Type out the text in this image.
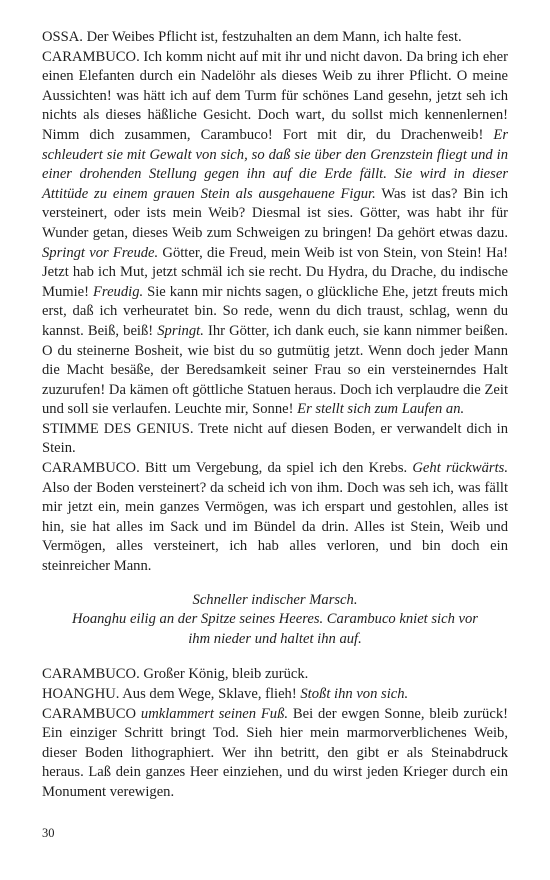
OSSA. Der Weibes Pflicht ist, festzuhalten an dem Mann, ich halte fest.

CARAMBUCO. Ich komm nicht auf mit ihr und nicht davon. Da bring ich eher einen Elefanten durch ein Nadelöhr als dieses Weib zu ihrer Pflicht. O meine Aussichten! was hätt ich auf dem Turm für schönes Land gesehn, jetzt seh ich nichts als dieses häßliche Gesicht. Doch wart, du sollst mich kennenlernen! Nimm dich zusammen, Carambuco! Fort mit dir, du Drachenweib! Er schleudert sie mit Gewalt von sich, so daß sie über den Grenzstein fliegt und in einer drohenden Stellung gegen ihn auf die Erde fällt. Sie wird in dieser Attitüde zu einem grauen Stein als ausgehauene Figur. Was ist das? Bin ich versteinert, oder ists mein Weib? Diesmal ist sies. Götter, was habt ihr für Wunder getan, dieses Weib zum Schweigen zu bringen! Da gehört etwas dazu. Springt vor Freude. Götter, die Freud, mein Weib ist von Stein, von Stein! Ha! Jetzt hab ich Mut, jetzt schmäl ich sie recht. Du Hydra, du Drache, du indische Mumie! Freudig. Sie kann mir nichts sagen, o glückliche Ehe, jetzt freuts mich erst, daß ich verheuratet bin. So rede, wenn du dich traust, schlag, wenn du kannst. Beiß, beiß! Springt. Ihr Götter, ich dank euch, sie kann nimmer beißen. O du steinerne Bosheit, wie bist du so gutmütig jetzt. Wenn doch jeder Mann die Macht besäße, der Beredsamkeit seiner Frau so ein versteinerndes Halt zuzurufen! Da kämen oft göttliche Statuen heraus. Doch ich verplaudre die Zeit und soll sie verlaufen. Leuchte mir, Sonne! Er stellt sich zum Laufen an.

STIMME DES GENIUS. Trete nicht auf diesen Boden, er verwandelt dich in Stein.

CARAMBUCO. Bitt um Vergebung, da spiel ich den Krebs. Geht rückwärts. Also der Boden versteinert? da scheid ich von ihm. Doch was seh ich, was fällt mir jetzt ein, mein ganzes Vermögen, was ich erspart und gestohlen, alles ist hin, sie hat alles im Sack und im Bündel da drin. Alles ist Stein, Weib und Vermögen, alles versteinert, ich hab alles verloren, und bin doch ein steinreicher Mann.

Schneller indischer Marsch.
Hoanghu eilig an der Spitze seines Heeres. Carambuco kniet sich vor
ihm nieder und haltet ihn auf.

CARAMBUCO. Großer König, bleib zurück.

HOANGHU. Aus dem Wege, Sklave, flieh! Stoßt ihn von sich.

CARAMBUCO umklammert seinen Fuß. Bei der ewgen Sonne, bleib zurück! Ein einziger Schritt bringt Tod. Sieh hier mein marmorverblichenes Weib, dieser Boden lithographiert. Wer ihn betritt, den gibt er als Steinabdruck heraus. Laß dein ganzes Heer einziehen, und du wirst jeden Krieger durch ein Monument verewigen.

30
